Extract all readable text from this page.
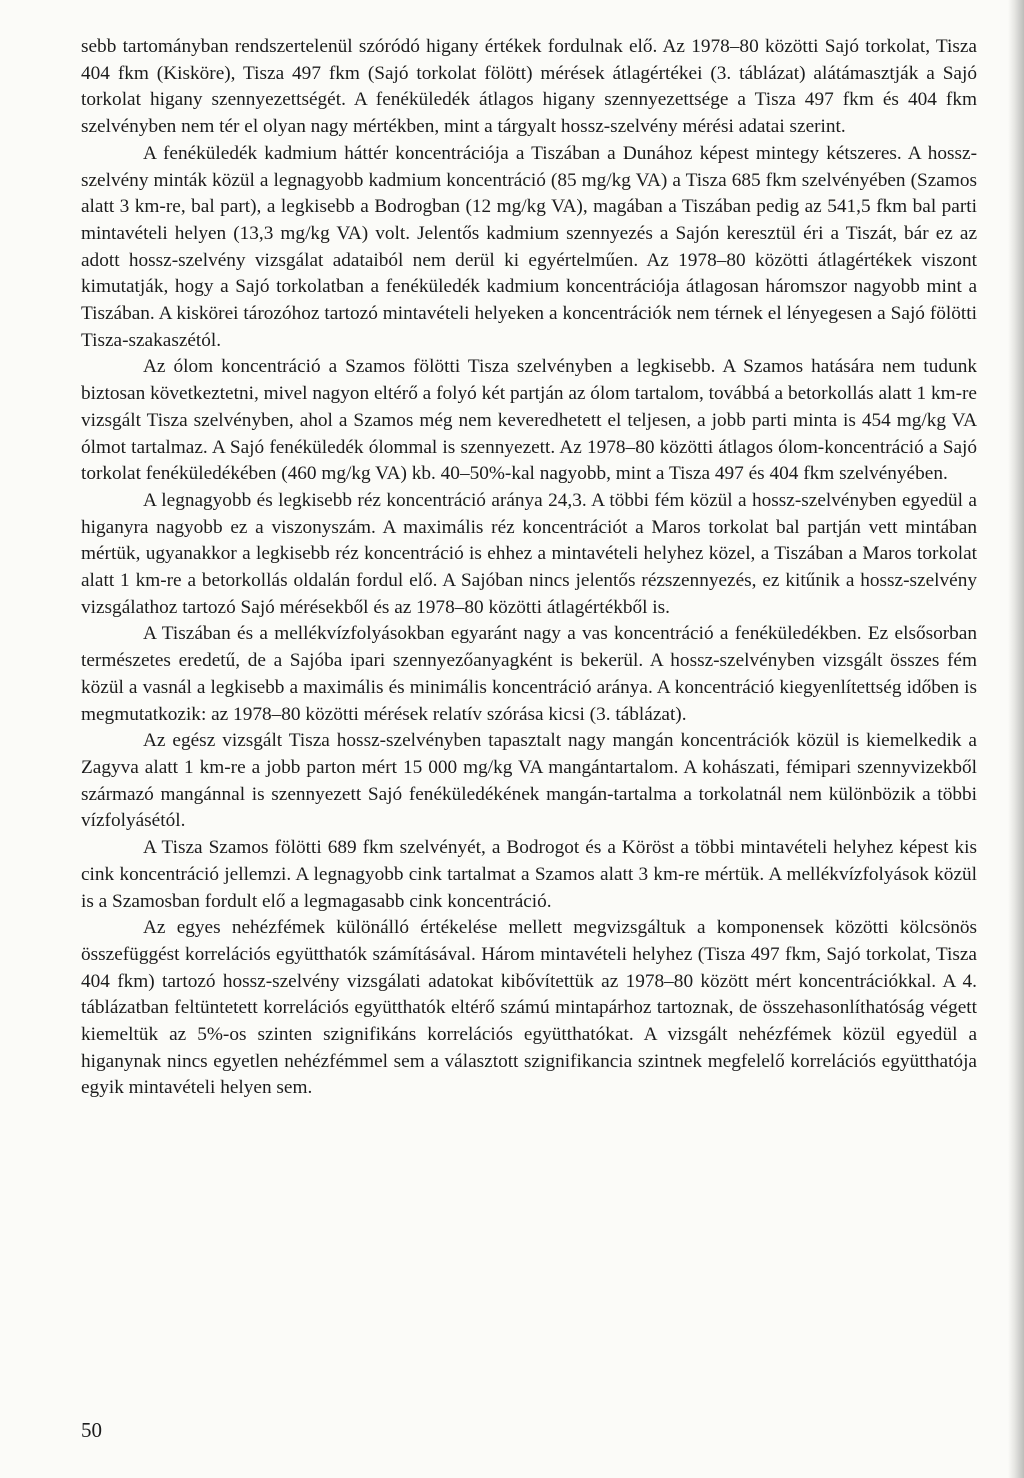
sebb tartományban rendszertelenül szóródó higany értékek fordulnak elő. Az 1978–80 közötti Sajó torkolat, Tisza 404 fkm (Kisköre), Tisza 497 fkm (Sajó torkolat fölött) mérések átlagértékei (3. táblázat) alátámasztják a Sajó torkolat higany szennyezettségét. A fenéküledék átlagos higany szennyezettsége a Tisza 497 fkm és 404 fkm szelvényben nem tér el olyan nagy mértékben, mint a tárgyalt hossz-szelvény mérési adatai szerint.

A fenéküledék kadmium háttér koncentrációja a Tiszában a Dunához képest mintegy kétszeres. A hossz-szelvény minták közül a legnagyobb kadmium koncentráció (85 mg/kg VA) a Tisza 685 fkm szelvényében (Szamos alatt 3 km-re, bal part), a legkisebb a Bodrogban (12 mg/kg VA), magában a Tiszában pedig az 541,5 fkm bal parti mintavételi helyen (13,3 mg/kg VA) volt. Jelentős kadmium szennyezés a Sajón keresztül éri a Tiszát, bár ez az adott hossz-szelvény vizsgálat adataiból nem derül ki egyértelműen. Az 1978–80 közötti átlagértékek viszont kimutatják, hogy a Sajó torkolatban a fenéküledék kadmium koncentrációja átlagosan háromszor nagyobb mint a Tiszában. A kiskörei tározóhoz tartozó mintavételi helyeken a koncentrációk nem térnek el lényegesen a Sajó fölötti Tisza-szakaszétól.

Az ólom koncentráció a Szamos fölötti Tisza szelvényben a legkisebb. A Szamos hatására nem tudunk biztosan következtetni, mivel nagyon eltérő a folyó két partján az ólom tartalom, továbbá a betorkollás alatt 1 km-re vizsgált Tisza szelvényben, ahol a Szamos még nem keveredhetett el teljesen, a jobb parti minta is 454 mg/kg VA ólmot tartalmaz. A Sajó fenéküledék ólommal is szennyezett. Az 1978–80 közötti átlagos ólom-koncentráció a Sajó torkolat fenéküledékében (460 mg/kg VA) kb. 40–50%-kal nagyobb, mint a Tisza 497 és 404 fkm szelvényében.

A legnagyobb és legkisebb réz koncentráció aránya 24,3. A többi fém közül a hossz-szelvényben egyedül a higanyra nagyobb ez a viszonyszám. A maximális réz koncentrációt a Maros torkolat bal partján vett mintában mértük, ugyanakkor a legkisebb réz koncentráció is ehhez a mintavételi helyhez közel, a Tiszában a Maros torkolat alatt 1 km-re a betorkollás oldalán fordul elő. A Sajóban nincs jelentős rézszennyezés, ez kitűnik a hossz-szelvény vizsgálathoz tartozó Sajó mérésekből és az 1978–80 közötti átlagértékből is.

A Tiszában és a mellékvízfolyásokban egyaránt nagy a vas koncentráció a fenéküledékben. Ez elsősorban természetes eredetű, de a Sajóba ipari szennyezőanyagként is bekerül. A hossz-szelvényben vizsgált összes fém közül a vasnál a legkisebb a maximális és minimális koncentráció aránya. A koncentráció kiegyenlítettség időben is megmutatkozik: az 1978–80 közötti mérések relatív szórása kicsi (3. táblázat).

Az egész vizsgált Tisza hossz-szelvényben tapasztalt nagy mangán koncentrációk közül is kiemelkedik a Zagyva alatt 1 km-re a jobb parton mért 15 000 mg/kg VA mangántartalom. A kohászati, fémipari szennyvizekből származó mangánnal is szennyezett Sajó fenéküledékének mangán-tartalma a torkolatnál nem különbözik a többi vízfolyásétól.

A Tisza Szamos fölötti 689 fkm szelvényét, a Bodrogot és a Köröst a többi mintavételi helyhez képest kis cink koncentráció jellemzi. A legnagyobb cink tartalmat a Szamos alatt 3 km-re mértük. A mellékvízfolyások közül is a Szamosban fordult elő a legmagasabb cink koncentráció.

Az egyes nehézfémek különálló értékelése mellett megvizsgáltuk a komponensek közötti kölcsönös összefüggést korrelációs együtthatók számításával. Három mintavételi helyhez (Tisza 497 fkm, Sajó torkolat, Tisza 404 fkm) tartozó hossz-szelvény vizsgálati adatokat kibővítettük az 1978–80 között mért koncentrációkkal. A 4. táblázatban feltüntetett korrelációs együtthatók eltérő számú mintapárhoz tartoznak, de összehasonlíthatóság végett kiemeltük az 5%-os szinten szignifikáns korrelációs együtthatókat. A vizsgált nehézfémek közül egyedül a higanynak nincs egyetlen nehézfémmel sem a választott szignifikancia szintnek megfelelő korrelációs együtthatója egyik mintavételi helyen sem.

50
